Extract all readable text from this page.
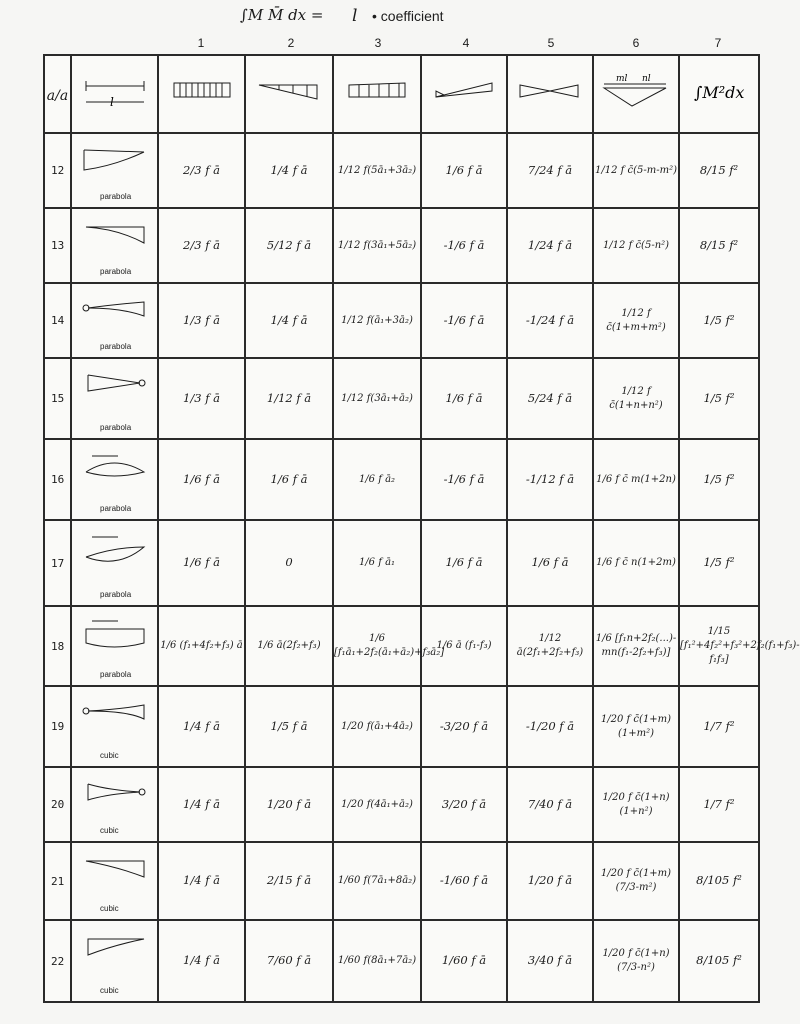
∫M M̄ dx = l • coefficient
1	2	3	4	5	6	7
a/a	l						ml nl	∫M²dx

12	parabola	2/3 f ā	1/4 f ā	1/12 f(5ā₁+3ā₂)	1/6 f ā	7/24 f ā	1/12 f c̄(5-m-m²)	8/15 f²
13	parabola	2/3 f ā	5/12 f ā	1/12 f(3ā₁+5ā₂)	-1/6 f ā	1/24 f ā	1/12 f c̄(5-n²)	8/15 f²
14	parabola	1/3 f ā	1/4 f ā	1/12 f(ā₁+3ā₂)	-1/6 f ā	-1/24 f ā	1/12 f c̄(1+m+m²)	1/5 f²
15	parabola	1/3 f ā	1/12 f ā	1/12 f(3ā₁+ā₂)	1/6 f ā	5/24 f ā	1/12 f c̄(1+n+n²)	1/5 f²
16	parabola	1/6 f ā	1/6 f ā	1/6 f ā₂	-1/6 f ā	-1/12 f ā	1/6 f c̄ m(1+2n)	1/5 f²
17	parabola	1/6 f ā	0	1/6 f ā₁	1/6 f ā	1/6 f ā	1/6 f c̄ n(1+2m)	1/5 f²
18	parabola	1/6 (f₁+4f₂+f₃) ā	1/6 ā(2f₂+f₃)	1/6 [f₁ā₁+2f₂(ā₁+ā₂)+f₃ā₂]	1/6 ā (f₁-f₃)	1/12 ā(2f₁+2f₂+f₃)	1/6 [f₁n+2f₂(...)-mn(f₁-2f₂+f₃)]	1/15 [f₁²+4f₂²+f₃²+2f₂(f₁+f₃)-f₁f₃]
19	cubic	1/4 f ā	1/5 f ā	1/20 f(ā₁+4ā₂)	-3/20 f ā	-1/20 f ā	1/20 f c̄(1+m)(1+m²)	1/7 f²
20	cubic	1/4 f ā	1/20 f ā	1/20 f(4ā₁+ā₂)	3/20 f ā	7/40 f ā	1/20 f c̄(1+n)(1+n²)	1/7 f²
21	cubic	1/4 f ā	2/15 f ā	1/60 f(7ā₁+8ā₂)	-1/60 f ā	1/20 f ā	1/20 f c̄(1+m)(7/3-m²)	8/105 f²
22	cubic	1/4 f ā	7/60 f ā	1/60 f(8ā₁+7ā₂)	1/60 f ā	3/40 f ā	1/20 f c̄(1+n)(7/3-n²)	8/105 f²
